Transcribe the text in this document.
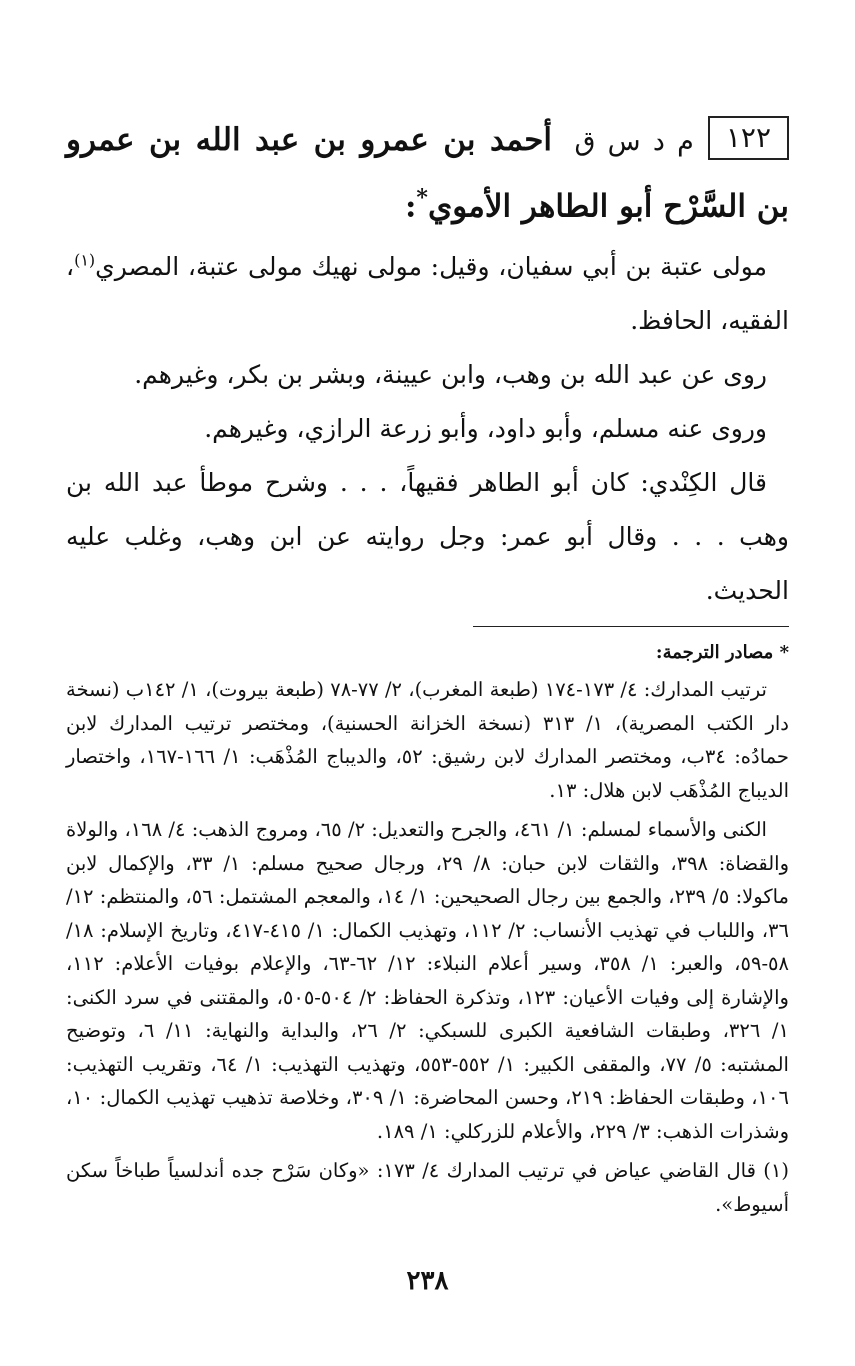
١٢٢م د س ق أحمد بن عمرو بن عبد الله بن عمرو بن السَّرْح أبو الطاهر الأموي*:

مولى عتبة بن أبي سفيان، وقيل: مولى نهيك مولى عتبة، المصري$^{(١)}$، الفقيه، الحافظ.

روى عن عبد الله بن وهب، وابن عيينة، وبشر بن بكر، وغيرهم.

وروى عنه مسلم، وأبو داود، وأبو زرعة الرازي، وغيرهم.

قال الكِنْدي: كان أبو الطاهر فقيهاً، . . . وشرح موطأ عبد الله بن وهب . . . وقال أبو عمر: وجل روايته عن ابن وهب، وغلب عليه الحديث.

* مصادر الترجمة:

ترتيب المدارك: ٤/ ١٧٣-١٧٤ (طبعة المغرب)، ٢/ ٧٧-٧٨ (طبعة بيروت)، ١/ ١٤٢ب (نسخة دار الكتب المصرية)، ١/ ٣١٣ (نسخة الخزانة الحسنية)، ومختصر ترتيب المدارك لابن حمادُه: ٣٤ب، ومختصر المدارك لابن رشيق: ٥٢، والديباج المُذْهَب: ١/ ١٦٦-١٦٧، واختصار الديباج المُذْهَب لابن هلال: ١٣.

الكنى والأسماء لمسلم: ١/ ٤٦١، والجرح والتعديل: ٢/ ٦٥، ومروج الذهب: ٤/ ١٦٨، والولاة والقضاة: ٣٩٨، والثقات لابن حبان: ٨/ ٢٩، ورجال صحيح مسلم: ١/ ٣٣، والإكمال لابن ماكولا: ٥/ ٢٣٩، والجمع بين رجال الصحيحين: ١/ ١٤، والمعجم المشتمل: ٥٦، والمنتظم: ١٢/ ٣٦، واللباب في تهذيب الأنساب: ٢/ ١١٢، وتهذيب الكمال: ١/ ٤١٥-٤١٧، وتاريخ الإسلام: ١٨/ ٥٨-٥٩، والعبر: ١/ ٣٥٨، وسير أعلام النبلاء: ١٢/ ٦٢-٦٣، والإعلام بوفيات الأعلام: ١١٢، والإشارة إلى وفيات الأعيان: ١٢٣، وتذكرة الحفاظ: ٢/ ٥٠٤-٥٠٥، والمقتنى في سرد الكنى: ١/ ٣٢٦، وطبقات الشافعية الكبرى للسبكي: ٢/ ٢٦، والبداية والنهاية: ١١/ ٦، وتوضيح المشتبه: ٥/ ٧٧، والمقفى الكبير: ١/ ٥٥٢-٥٥٣، وتهذيب التهذيب: ١/ ٦٤، وتقريب التهذيب: ١٠٦، وطبقات الحفاظ: ٢١٩، وحسن المحاضرة: ١/ ٣٠٩، وخلاصة تذهيب تهذيب الكمال: ١٠، وشذرات الذهب: ٣/ ٢٢٩، والأعلام للزركلي: ١/ ١٨٩.

(١) قال القاضي عياض في ترتيب المدارك ٤/ ١٧٣: «وكان سَرْح جده أندلسياً طباخاً سكن أسيوط».

٢٣٨
